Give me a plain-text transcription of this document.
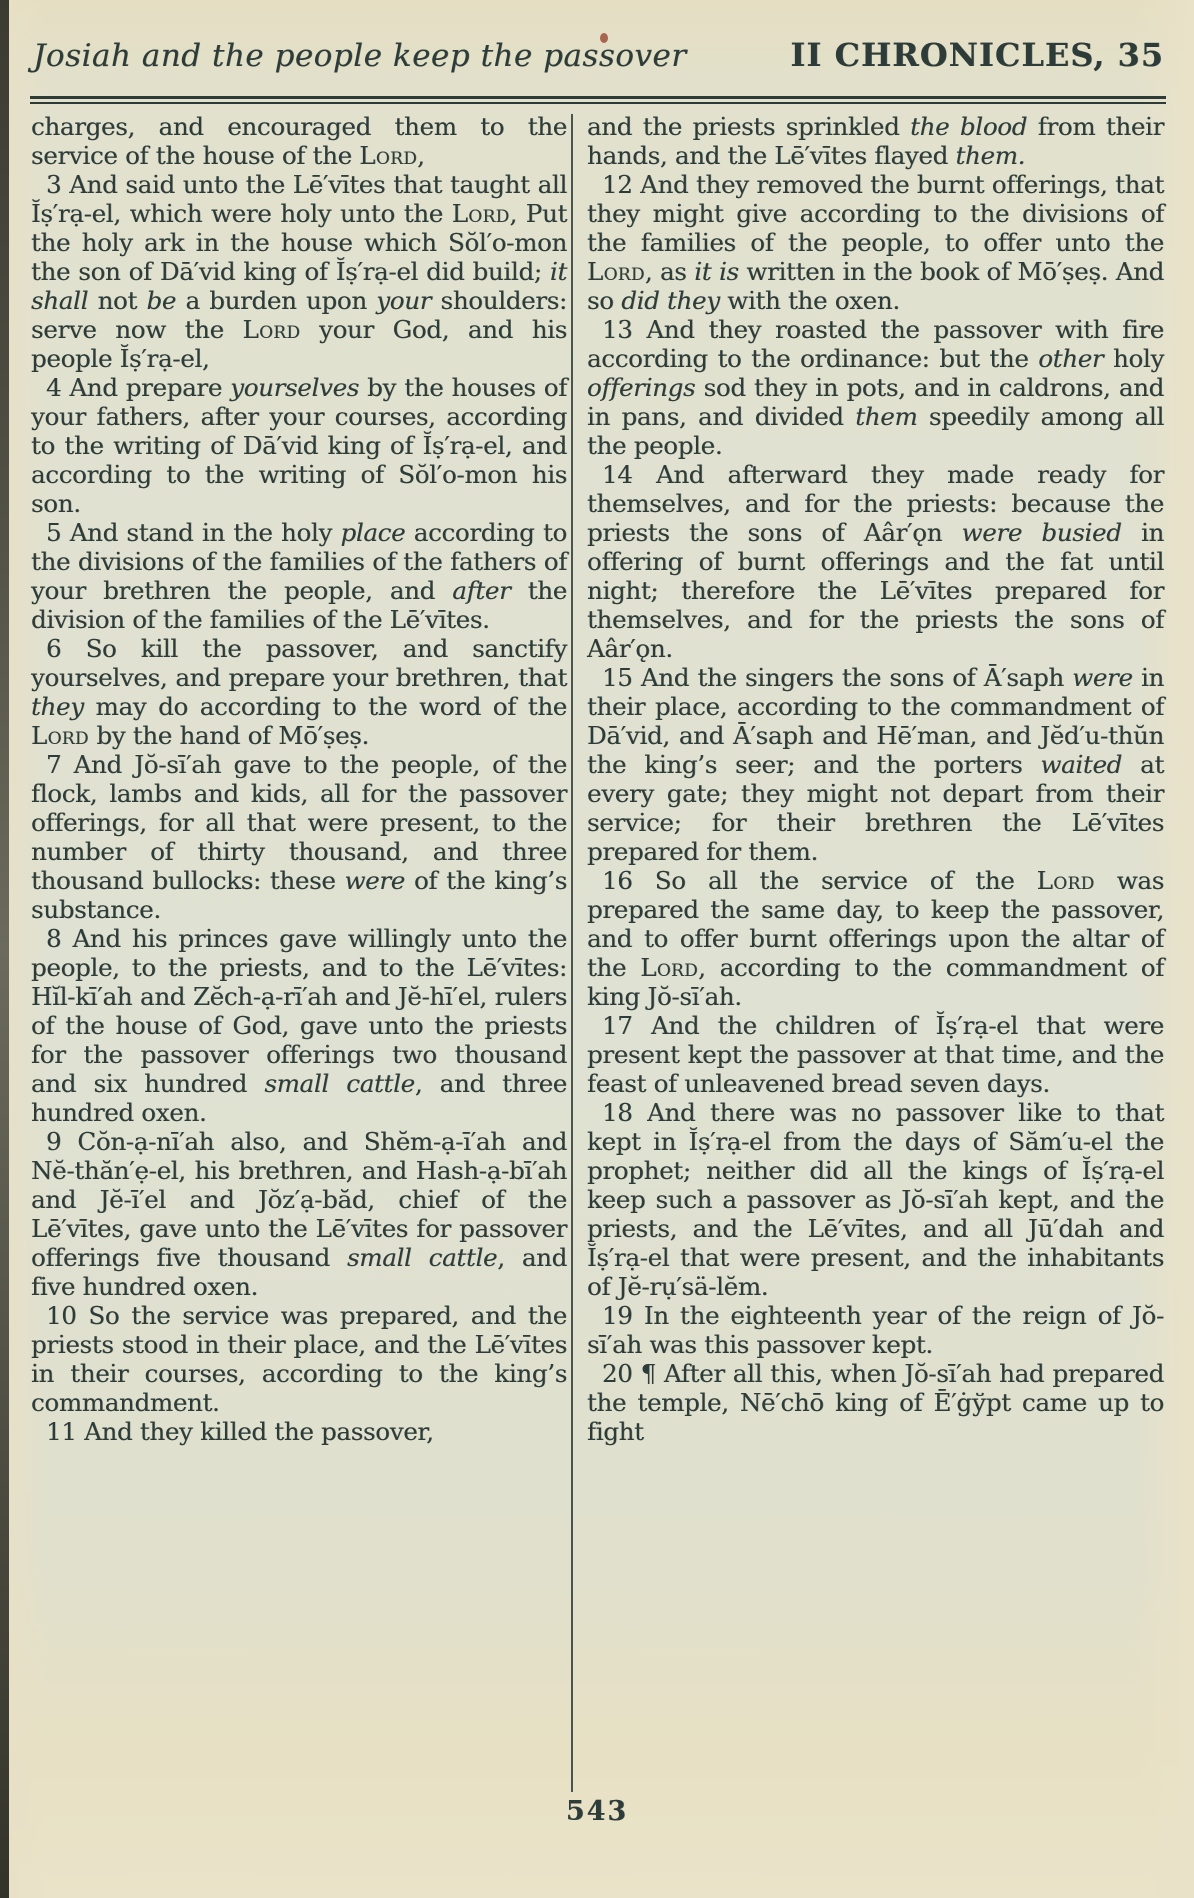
Josiah and the people keep the passover	II CHRONICLES, 35

charges, and encouraged them to the service of the house of the Lord,

3 And said unto the Lē′vītes that taught all Ĭṣ′rạ-el, which were holy unto the Lord, Put the holy ark in the house which Sŏl′o-mon the son of Dā′vid king of Ĭṣ′rạ-el did build; it shall not be a burden upon your shoulders: serve now the Lord your God, and his people Ĭṣ′rạ-el,

4 And prepare yourselves by the houses of your fathers, after your courses, according to the writing of Dā′vid king of Ĭṣ′rạ-el, and according to the writing of Sŏl′o-mon his son.

5 And stand in the holy place according to the divisions of the families of the fathers of your brethren the people, and after the division of the families of the Lē′vītes.

6 So kill the passover, and sanctify yourselves, and prepare your brethren, that they may do according to the word of the Lord by the hand of Mō′ṣeṣ.

7 And Jŏ-sī′ah gave to the people, of the flock, lambs and kids, all for the passover offerings, for all that were present, to the number of thirty thousand, and three thousand bullocks: these were of the king’s substance.

8 And his princes gave willingly unto the people, to the priests, and to the Lē′vītes: Hĭl-kī′ah and Zĕch-ạ-rī′ah and Jĕ-hī′el, rulers of the house of God, gave unto the priests for the passover offerings two thousand and six hundred small cattle, and three hundred oxen.

9 Cŏn-ạ-nī′ah also, and Shĕm-ạ-ī′ah and Nĕ-thăn′ẹ-el, his brethren, and Hash-ạ-bī′ah and Jĕ-ī′el and Jŏz′ạ-băd, chief of the Lē′vītes, gave unto the Lē′vītes for passover offerings five thousand small cattle, and five hundred oxen.

10 So the service was prepared, and the priests stood in their place, and the Lē′vītes in their courses, according to the king’s commandment.

11 And they killed the passover,

and the priests sprinkled the blood from their hands, and the Lē′vītes flayed them.

12 And they removed the burnt offerings, that they might give according to the divisions of the families of the people, to offer unto the Lord, as it is written in the book of Mō′ṣeṣ. And so did they with the oxen.

13 And they roasted the passover with fire according to the ordinance: but the other holy offerings sod they in pots, and in caldrons, and in pans, and divided them speedily among all the people.

14 And afterward they made ready for themselves, and for the priests: because the priests the sons of Aâr′ǫn were busied in offering of burnt offerings and the fat until night; therefore the Lē′vītes prepared for themselves, and for the priests the sons of Aâr′ǫn.

15 And the singers the sons of Ā′saph were in their place, according to the commandment of Dā′vid, and Ā′saph and Hē′man, and Jĕd′u-thŭn the king’s seer; and the porters waited at every gate; they might not depart from their service; for their brethren the Lē′vītes prepared for them.

16 So all the service of the Lord was prepared the same day, to keep the passover, and to offer burnt offerings upon the altar of the Lord, according to the commandment of king Jŏ-sī′ah.

17 And the children of Ĭṣ′rạ-el that were present kept the passover at that time, and the feast of unleavened bread seven days.

18 And there was no passover like to that kept in Ĭṣ′rạ-el from the days of Săm′u-el the prophet; neither did all the kings of Ĭṣ′rạ-el keep such a passover as Jŏ-sī′ah kept, and the priests, and the Lē′vītes, and all Jū′dah and Ĭṣ′rạ-el that were present, and the inhabitants of Jĕ-rụ′sä-lĕm.

19 In the eighteenth year of the reign of Jŏ-sī′ah was this passover kept.

20 ¶ After all this, when Jŏ-sī′ah had prepared the temple, Nē′chō king of Ē′ġўpt came up to fight

543
